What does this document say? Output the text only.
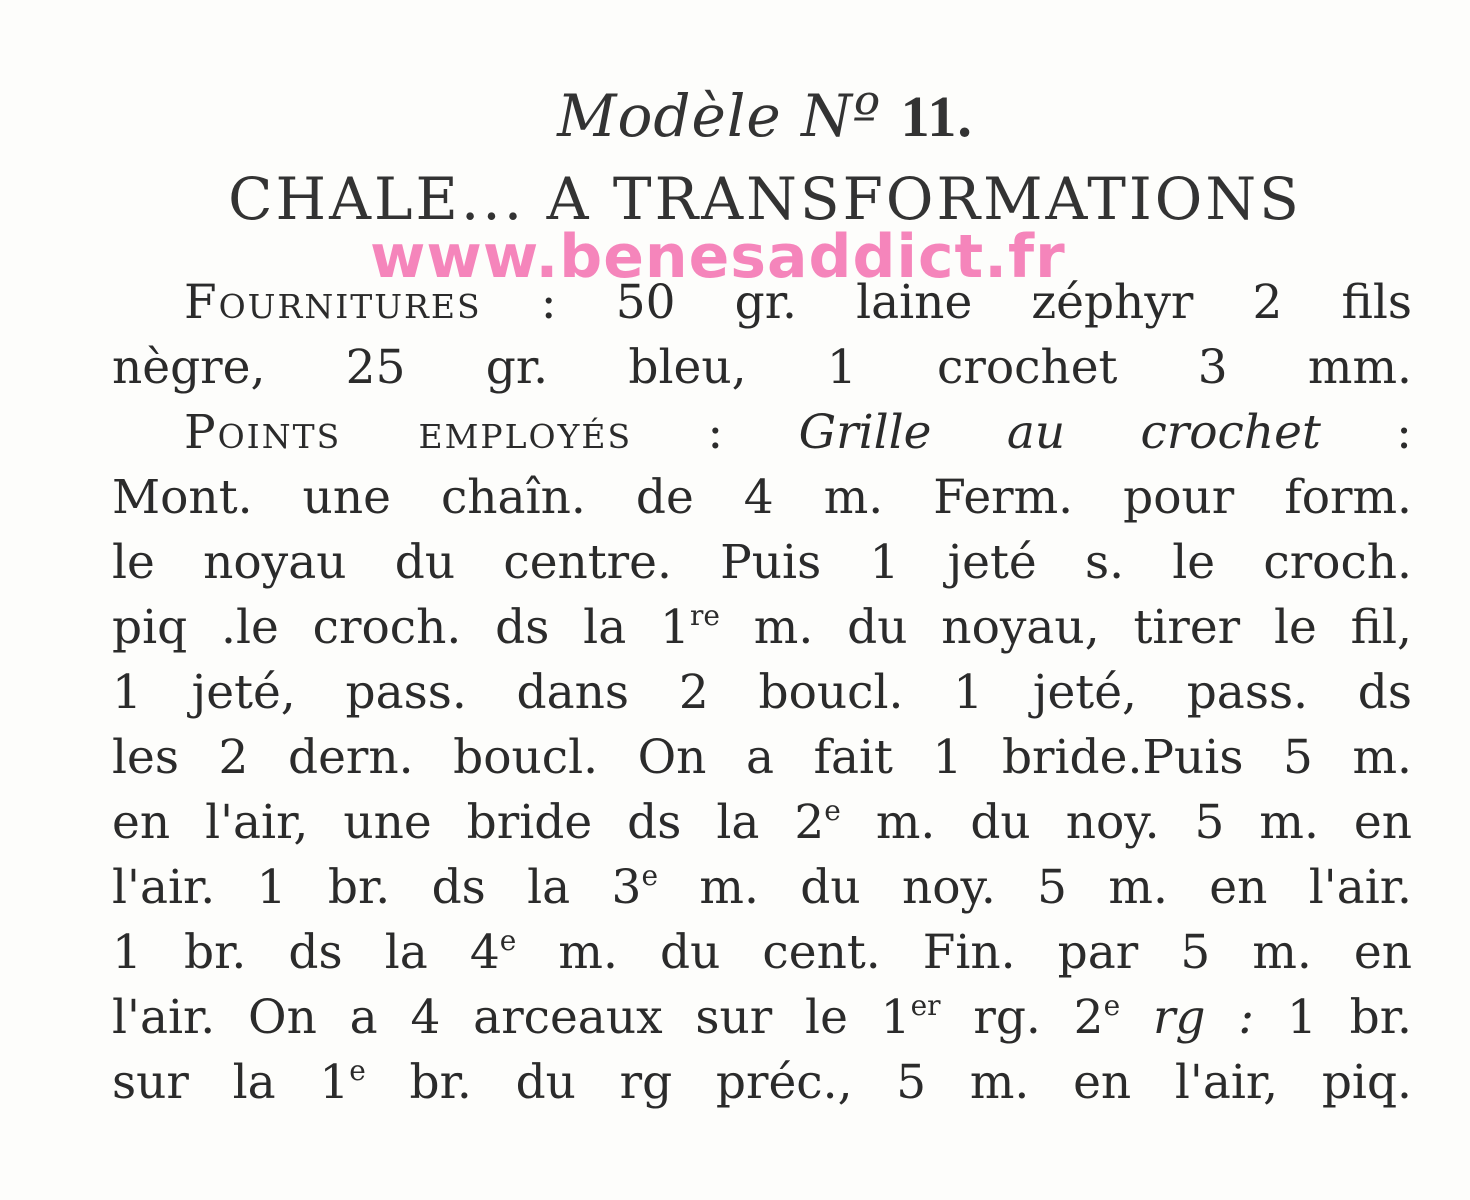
Modèle Nº 11.
CHALE... A TRANSFORMATIONS
www.benesaddict.fr
Fournitures : 50 gr. laine zéphyr 2 fils
nègre, 25 gr. bleu, 1 crochet 3 mm.
Points employés : Grille au crochet :
Mont. une chaîn. de 4 m. Ferm. pour form.
le noyau du centre. Puis 1 jeté s. le croch.
piq .le croch. ds la 1re m. du noyau, tirer le fil,
1 jeté, pass. dans 2 boucl. 1 jeté, pass. ds
les 2 dern. boucl. On a fait 1 bride.Puis 5 m.
en l'air, une bride ds la 2e m. du noy. 5 m. en
l'air. 1 br. ds la 3e m. du noy. 5 m. en l'air.
1 br. ds la 4e m. du cent. Fin. par 5 m. en
l'air. On a 4 arceaux sur le 1er rg. 2e rg : 1 br.
sur la 1e br. du rg préc., 5 m. en l'air, piq.
